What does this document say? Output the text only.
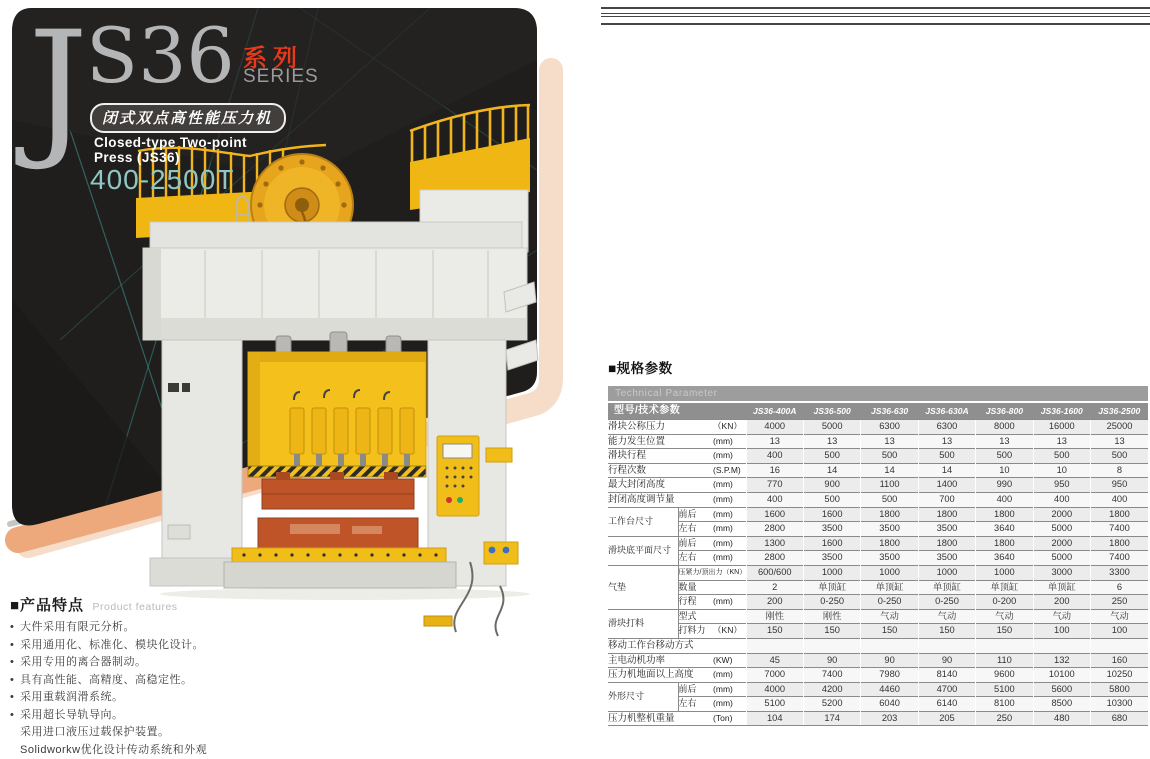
J
S36 系列
SERIES
闭式双点高性能压力机
Closed-type Two-point
Press (JS36)
400-2500T
■产品特点 Product features
• 大件采用有限元分析。
• 采用通用化、标准化、模块化设计。
• 采用专用的离合器制动。
• 具有高性能、高精度、高稳定性。
• 采用重载润滑系统。
• 采用超长导轨导向。
采用进口液压过载保护装置。
Solidworkw优化设计传动系统和外观
■规格参数
Technical Parameter
型号/技术参数			JS36-400A	JS36-500	JS36-630	JS36-630A	JS36-800	JS36-1600	JS36-2500
滑块公称压力		（KN）	4000	5000	6300	6300	8000	16000	25000
能力发生位置		(mm)	13	13	13	13	13	13	13
滑块行程		(mm)	400	500	500	500	500	500	500
行程次数		(S.P.M)	16	14	14	14	10	10	8
最大封闭高度		(mm)	770	900	1100	1400	990	950	950
封闭高度调节量		(mm)	400	500	500	700	400	400	400
工作台尺寸	前后	(mm)	1600	1600	1800	1800	1800	2000	1800
	左右	(mm)	2800	3500	3500	3500	3640	5000	7400
滑块底平面尺寸	前后	(mm)	1300	1600	1800	1800	1800	2000	1800
	左右	(mm)	2800	3500	3500	3500	3640	5000	7400
气垫	压紧力/顶出力（KN）		600/600	1000	1000	1000	1000	3000	3300
	数量		2	单顶缸	单顶缸	单顶缸	单顶缸	单顶缸	6
	行程	(mm)	200	0-250	0-250	0-250	0-200	200	250
滑块打料	型式		刚性	刚性	气动	气动	气动	气动	气动
	打料力	（KN）	150	150	150	150	150	100	100
移动工作台移动方式									
主电动机功率		(KW)	45	90	90	90	110	132	160
压力机地面以上高度		(mm)	7000	7400	7980	8140	9600	10100	10250
外形尺寸	前后	(mm)	4000	4200	4460	4700	5100	5600	5800
	左右	(mm)	5100	5200	6040	6140	8100	8500	10300
压力机整机重量		(Ton)	104	174	203	205	250	480	680
